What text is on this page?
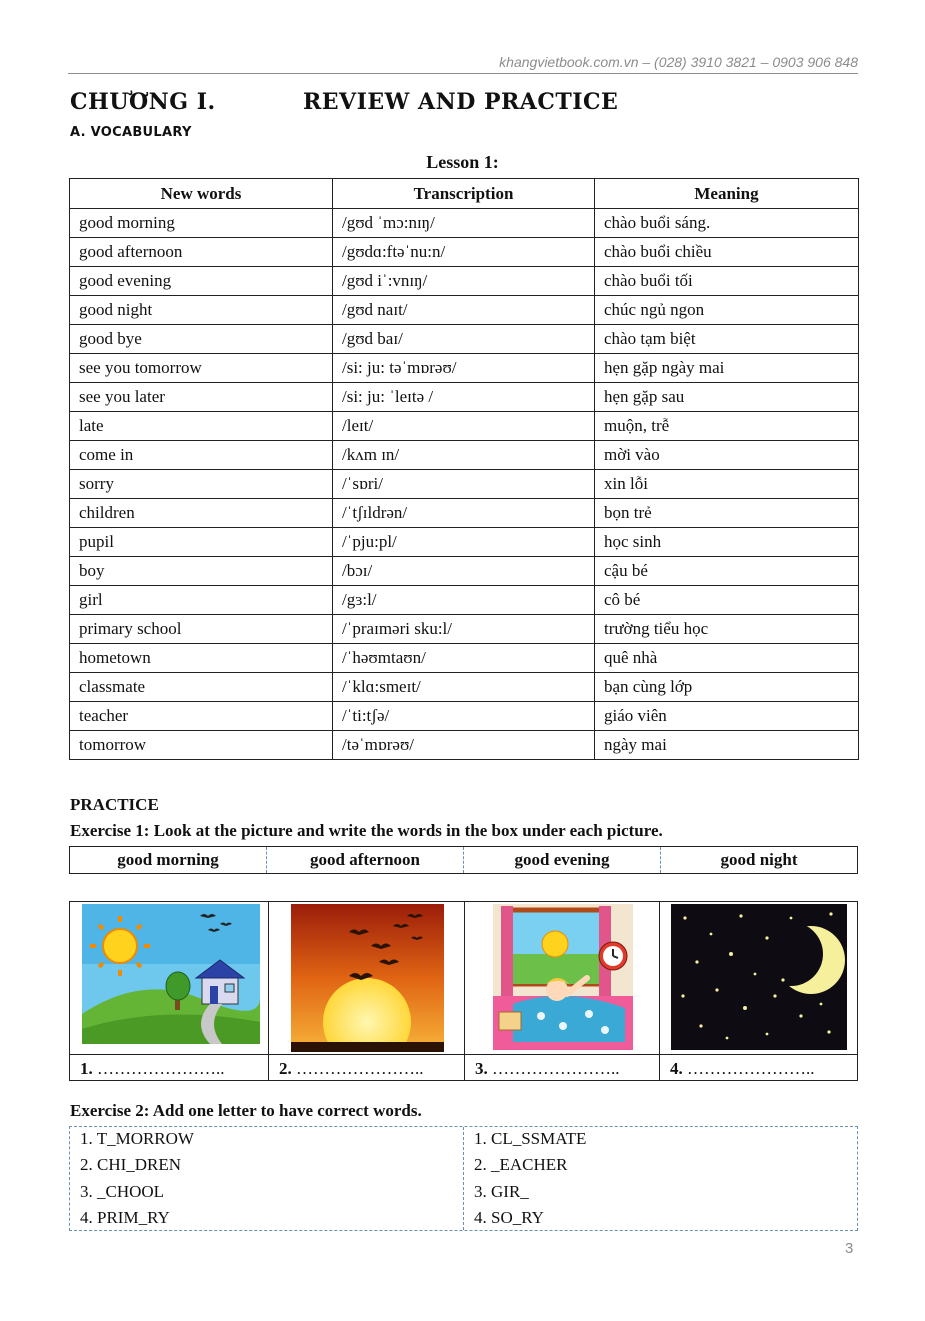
khangvietbook.com.vn – (028) 3910 3821 – 0903 906 848
CHƯƠNG I.	REVIEW AND PRACTICE
A. VOCABULARY
Lesson 1:
New words	Transcription	Meaning
good morning	/gʊd ˈmɔ:nɪŋ/	chào buổi sáng.
good afternoon	/gʊdɑ:ftəˈnu:n/	chào buổi chiều
good evening	/gʊd iˈ:vnɪŋ/	chào buổi tối
good night	/gʊd naɪt/	chúc ngủ ngon
good bye	/gʊd baɪ/	chào tạm biệt
see you tomorrow	/si: ju: təˈmɒrəʊ/	hẹn gặp ngày mai
see you later	/si: ju: ˈleɪtə /	hẹn gặp sau
late	/leɪt/	muộn, trễ
come in	/kʌm ɪn/	mời vào
sorry	/ˈsɒri/	xin lỗi
children	/ˈtʃɪldrən/	bọn trẻ
pupil	/ˈpju:pl/	học sinh
boy	/bɔɪ/	cậu bé
girl	/gɜ:l/	cô bé
primary school	/ˈpraɪməri sku:l/	trường tiểu học
hometown	/ˈhəʊmtaʊn/	quê nhà
classmate	/ˈklɑ:smeɪt/	bạn cùng lớp
teacher	/ˈti:tʃə/	giáo viên
tomorrow	/təˈmɒrəʊ/	ngày mai
PRACTICE
Exercise 1: Look at the picture and write the words in the box under each picture.
good morning	good afternoon	good evening	good night
1. …………………..	2. …………………..	3. …………………..	4. …………………..
Exercise 2: Add one letter to have correct words.
1. T_MORROW
2. CHI_DREN
3. _CHOOL
4. PRIM_RY
1. CL_SSMATE
2. _EACHER
3. GIR_
4. SO_RY
3
